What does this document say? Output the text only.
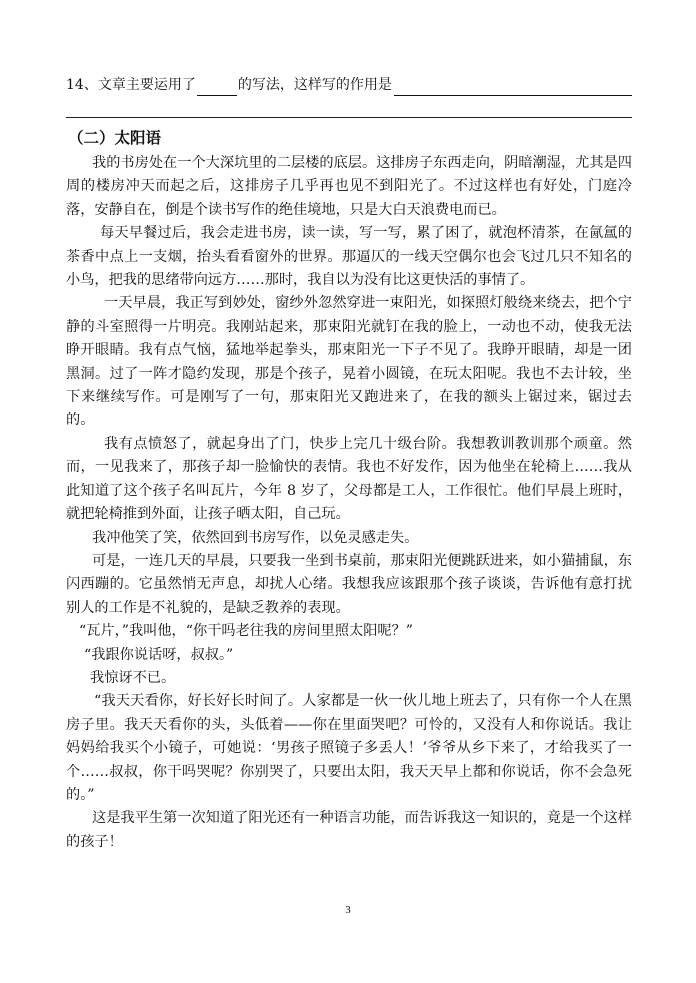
14、文章主要运用了	的写法，这样写的作用是
（二）太阳语

我的书房处在一个大深坑里的二层楼的底层。这排房子东西走向，阴暗潮湿，尤其是四周的楼房冲天而起之后，这排房子几乎再也见不到阳光了。不过这样也有好处，门庭冷落，安静自在，倒是个读书写作的绝佳境地，只是大白天浪费电而已。

每天早餐过后，我会走进书房，读一读，写一写，累了困了，就泡杯清茶，在氤氲的茶香中点上一支烟，抬头看看窗外的世界。那逼仄的一线天空偶尔也会飞过几只不知名的小鸟，把我的思绪带向远方……那时，我自以为没有比这更快活的事情了。

一天早晨，我正写到妙处，窗纱外忽然穿进一束阳光，如探照灯般绕来绕去，把个宁静的斗室照得一片明亮。我刚站起来，那束阳光就钉在我的脸上，一动也不动，使我无法睁开眼睛。我有点气恼，猛地举起拳头，那束阳光一下子不见了。我睁开眼睛，却是一团黑洞。过了一阵才隐约发现，那是个孩子，晃着小圆镜，在玩太阳呢。我也不去计较，坐下来继续写作。可是刚写了一句，那束阳光又跑进来了，在我的额头上锯过来，锯过去的。

我有点愤怒了，就起身出了门，快步上完几十级台阶。我想教训教训那个顽童。然而，一见我来了，那孩子却一脸愉快的表情。我也不好发作，因为他坐在轮椅上……我从此知道了这个孩子名叫瓦片，今年 8 岁了，父母都是工人，工作很忙。他们早晨上班时，就把轮椅推到外面，让孩子晒太阳，自己玩。

我冲他笑了笑，依然回到书房写作，以免灵感走失。

可是，一连几天的早晨，只要我一坐到书桌前，那束阳光便跳跃进来，如小猫捕鼠，东闪西蹦的。它虽然悄无声息，却扰人心绪。我想我应该跟那个孩子谈谈，告诉他有意打扰别人的工作是不礼貌的，是缺乏教养的表现。

“瓦片，”我叫他，“你干吗老往我的房间里照太阳呢？”

“我跟你说话呀，叔叔。”

我惊讶不已。

“我天天看你，好长好长时间了。人家都是一伙一伙儿地上班去了，只有你一个人在黑房子里。我天天看你的头，头低着——你在里面哭吧？可怜的，又没有人和你说话。我让妈妈给我买个小镜子，可她说：‘男孩子照镜子多丢人！’爷爷从乡下来了，才给我买了一个……叔叔，你干吗哭呢？你别哭了，只要出太阳，我天天早上都和你说话，你不会急死的。”

这是我平生第一次知道了阳光还有一种语言功能，而告诉我这一知识的，竟是一个这样的孩子！

3
